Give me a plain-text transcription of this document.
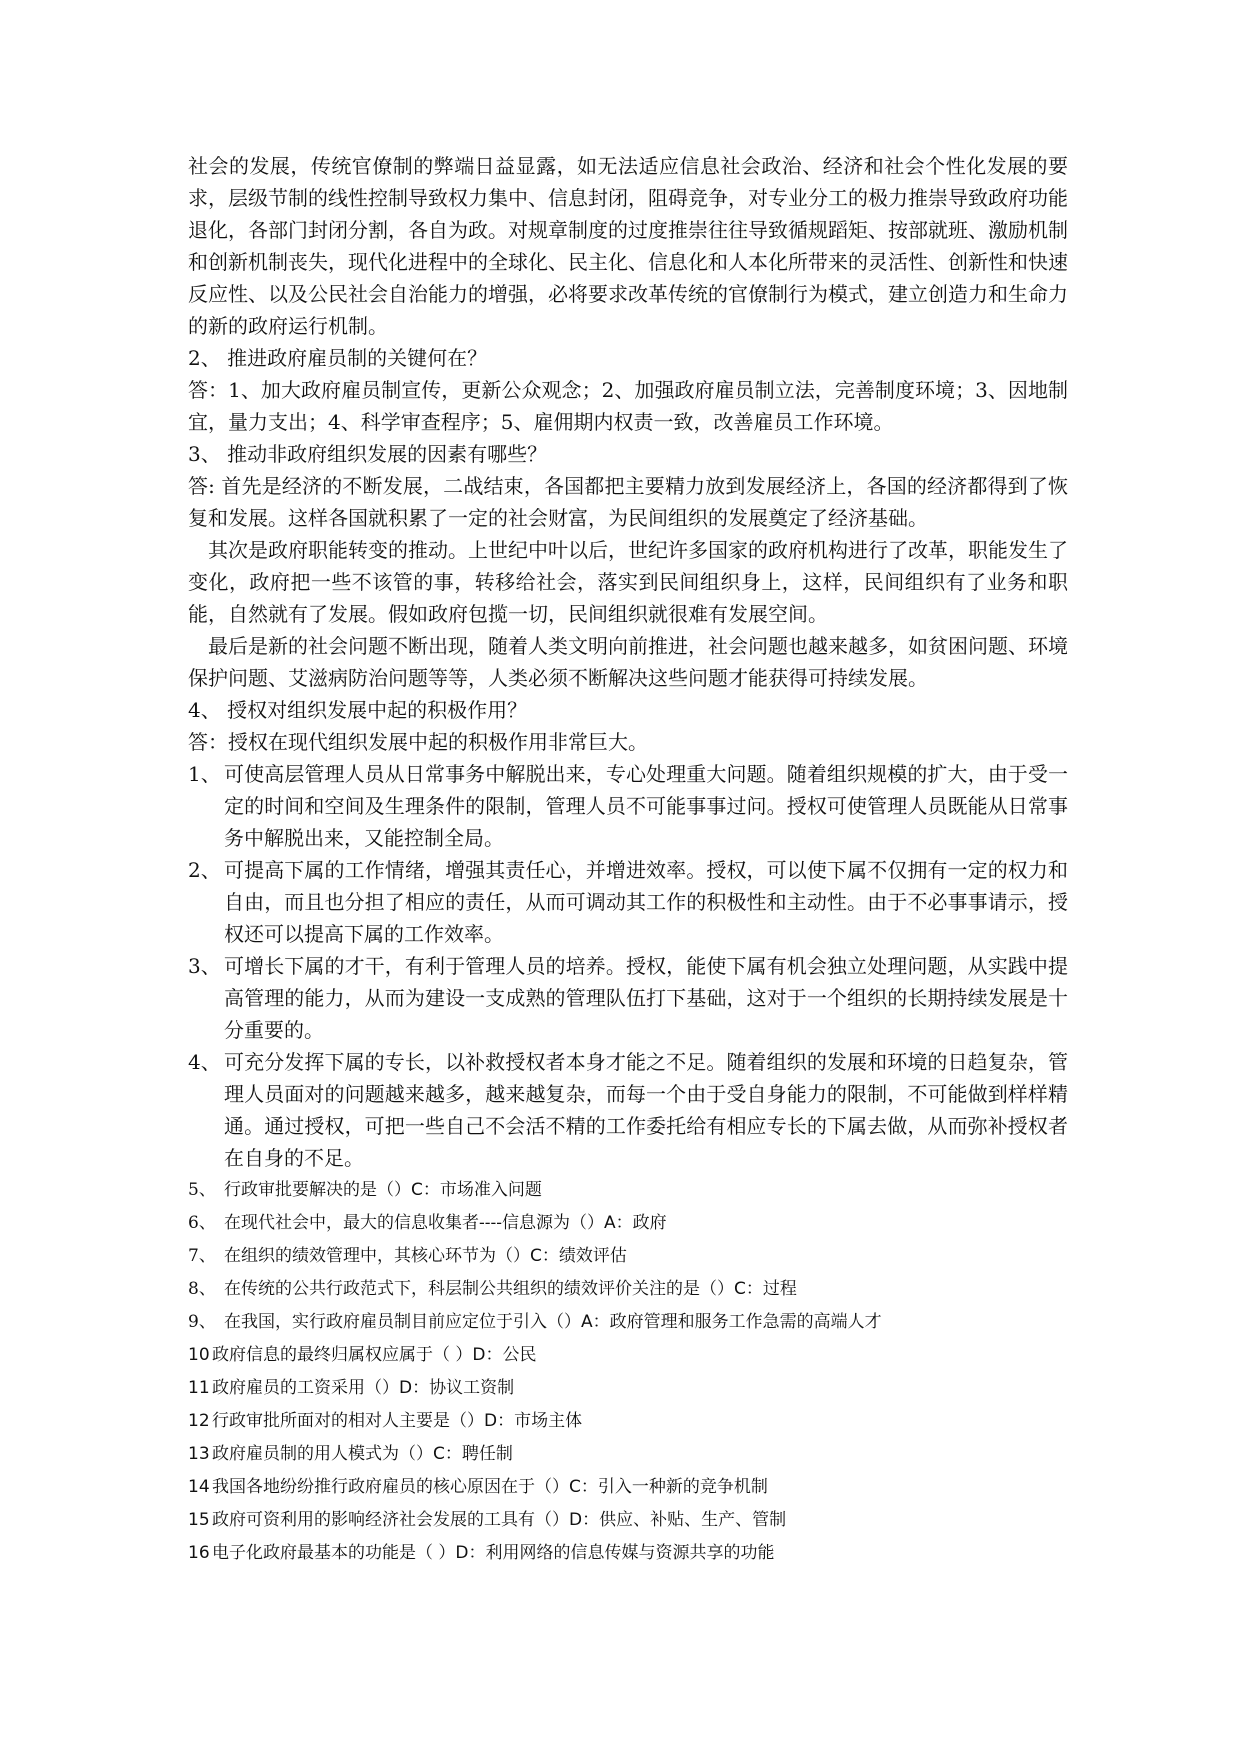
社会的发展，传统官僚制的弊端日益显露，如无法适应信息社会政治、经济和社会个性化发展的要求，层级节制的线性控制导致权力集中、信息封闭，阻碍竞争，对专业分工的极力推崇导致政府功能退化，各部门封闭分割，各自为政。对规章制度的过度推崇往往导致循规蹈矩、按部就班、激励机制和创新机制丧失，现代化进程中的全球化、民主化、信息化和人本化所带来的灵活性、创新性和快速反应性、以及公民社会自治能力的增强，必将要求改革传统的官僚制行为模式，建立创造力和生命力的新的政府运行机制。

2、 推进政府雇员制的关键何在？

答：1、加大政府雇员制宣传，更新公众观念；2、加强政府雇员制立法，完善制度环境；3、因地制宜，量力支出；4、科学审查程序；5、雇佣期内权责一致，改善雇员工作环境。

3、 推动非政府组织发展的因素有哪些？

答: 首先是经济的不断发展，二战结束，各国都把主要精力放到发展经济上，各国的经济都得到了恢复和发展。这样各国就积累了一定的社会财富，为民间组织的发展奠定了经济基础。

其次是政府职能转变的推动。上世纪中叶以后，世纪许多国家的政府机构进行了改革，职能发生了变化，政府把一些不该管的事，转移给社会，落实到民间组织身上，这样，民间组织有了业务和职能，自然就有了发展。假如政府包揽一切，民间组织就很难有发展空间。

最后是新的社会问题不断出现，随着人类文明向前推进，社会问题也越来越多，如贫困问题、环境保护问题、艾滋病防治问题等等，人类必须不断解决这些问题才能获得可持续发展。

4、 授权对组织发展中起的积极作用？

答：授权在现代组织发展中起的积极作用非常巨大。

1、 可使高层管理人员从日常事务中解脱出来，专心处理重大问题。随着组织规模的扩大，由于受一定的时间和空间及生理条件的限制，管理人员不可能事事过问。授权可使管理人员既能从日常事务中解脱出来，又能控制全局。
2、 可提高下属的工作情绪，增强其责任心，并增进效率。授权，可以使下属不仅拥有一定的权力和自由，而且也分担了相应的责任，从而可调动其工作的积极性和主动性。由于不必事事请示，授权还可以提高下属的工作效率。
3、 可增长下属的才干，有利于管理人员的培养。授权，能使下属有机会独立处理问题，从实践中提高管理的能力，从而为建设一支成熟的管理队伍打下基础，这对于一个组织的长期持续发展是十分重要的。
4、 可充分发挥下属的专长，以补救授权者本身才能之不足。随着组织的发展和环境的日趋复杂，管理人员面对的问题越来越多，越来越复杂，而每一个由于受自身能力的限制，不可能做到样样精通。通过授权，可把一些自己不会活不精的工作委托给有相应专长的下属去做，从而弥补授权者在自身的不足。

5、 行政审批要解决的是（）C：市场准入问题

6、 在现代社会中，最大的信息收集者----信息源为（）A：政府

7、 在组织的绩效管理中，其核心环节为（）C：绩效评估

8、 在传统的公共行政范式下，科层制公共组织的绩效评价关注的是（）C：过程

9、 在我国，实行政府雇员制目前应定位于引入（）A：政府管理和服务工作急需的高端人才

10 政府信息的最终归属权应属于（ ）D：公民

11 政府雇员的工资采用（）D：协议工资制

12 行政审批所面对的相对人主要是（）D：市场主体

13 政府雇员制的用人模式为（）C：聘任制

14 我国各地纷纷推行政府雇员的核心原因在于（）C：引入一种新的竞争机制

15 政府可资利用的影响经济社会发展的工具有（）D：供应、补贴、生产、管制

16 电子化政府最基本的功能是（ ）D：利用网络的信息传媒与资源共享的功能
